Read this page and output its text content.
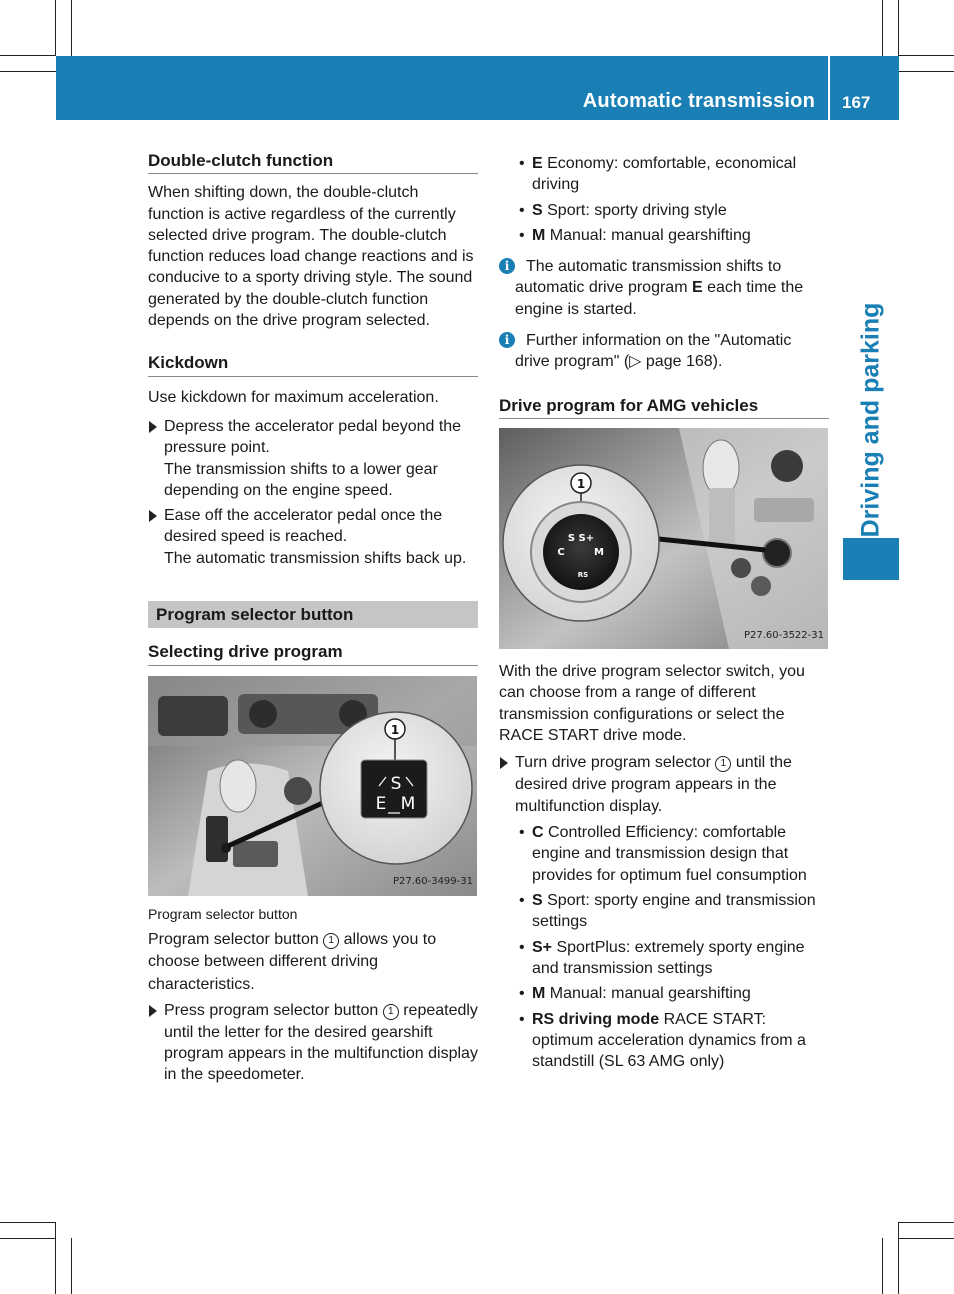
Automatic transmission 167
Driving and parking
Double-clutch function

When shifting down, the double-clutch function is active regardless of the currently selected drive program. The double-clutch function reduces load change reactions and is conducive to a sporty driving style. The sound generated by the double-clutch function depends on the drive program selected.

Kickdown

Use kickdown for maximum acceleration.

Depress the accelerator pedal beyond the pressure point.
The transmission shifts to a lower gear depending on the engine speed.
Ease off the accelerator pedal once the desired speed is reached.
The automatic transmission shifts back up.
Program selector button
Selecting drive program
1
S
E M
P27.60-3499-31

Program selector button

Program selector button 1 allows you to choose between different driving characteristics.

Press program selector button 1 repeatedly until the letter for the desired gearshift program appears in the multifunction display in the speedometer.
• E Economy: comfortable, economical driving
• S Sport: sporty driving style
• M Manual: manual gearshifting
i	The automatic transmission shifts to automatic drive program E each time the engine is started.
i	Further information on the "Automatic drive program" (▷ page 168).
Drive program for AMG vehicles
1
S S+
C	M
RS
P27.60-3522-31

With the drive program selector switch, you can choose from a range of different transmission configurations or select the RACE START drive mode.

Turn drive program selector 1 until the desired drive program appears in the multifunction display.
• C Controlled Efficiency: comfortable engine and transmission design that provides for optimum fuel consumption
• S Sport: sporty engine and transmission settings
• S+ SportPlus: extremely sporty engine and transmission settings
• M Manual: manual gearshifting
• RS driving mode RACE START: optimum acceleration dynamics from a standstill (SL 63 AMG only)
